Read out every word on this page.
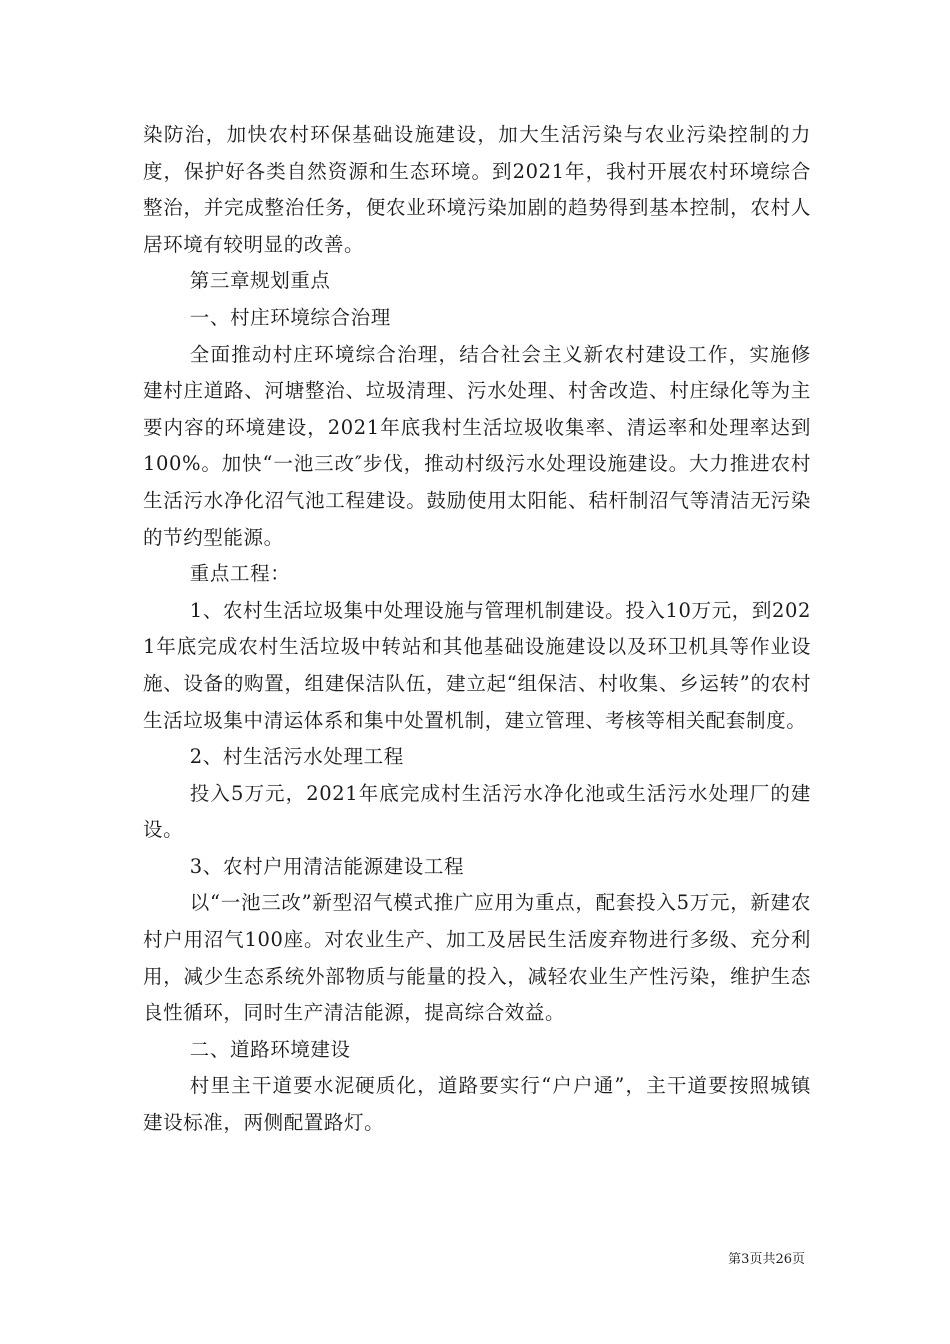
染防治，加快农村环保基础设施建设，加大生活污染与农业污染控制的力度，保护好各类自然资源和生态环境。到2021年，我村开展农村环境综合整治，并完成整治任务，便农业环境污染加剧的趋势得到基本控制，农村人居环境有较明显的改善。

第三章规划重点

一、村庄环境综合治理

全面推动村庄环境综合治理，结合社会主义新农村建设工作，实施修建村庄道路、河塘整治、垃圾清理、污水处理、村舍改造、村庄绿化等为主要内容的环境建设，2021年底我村生活垃圾收集率、清运率和处理率达到100%。加快“一池三改″步伐，推动村级污水处理设施建设。大力推进农村生活污水净化沼气池工程建设。鼓励使用太阳能、秸杆制沼气等清洁无污染的节约型能源。

重点工程：

1、农村生活垃圾集中处理设施与管理机制建设。投入10万元，到2021年底完成农村生活垃圾中转站和其他基础设施建设以及环卫机具等作业设施、设备的购置，组建保洁队伍，建立起“组保洁、村收集、乡运转”的农村生活垃圾集中清运体系和集中处置机制，建立管理、考核等相关配套制度。

2、村生活污水处理工程

投入5万元，2021年底完成村生活污水净化池或生活污水处理厂的建设。

3、农村户用清洁能源建设工程

以“一池三改”新型沼气模式推广应用为重点，配套投入5万元，新建农村户用沼气100座。对农业生产、加工及居民生活废弃物进行多级、充分利用，减少生态系统外部物质与能量的投入，减轻农业生产性污染，维护生态良性循环，同时生产清洁能源，提高综合效益。

二、道路环境建设

村里主干道要水泥硬质化，道路要实行“户户通”，主干道要按照城镇建设标准，两侧配置路灯。

第3页共26页
